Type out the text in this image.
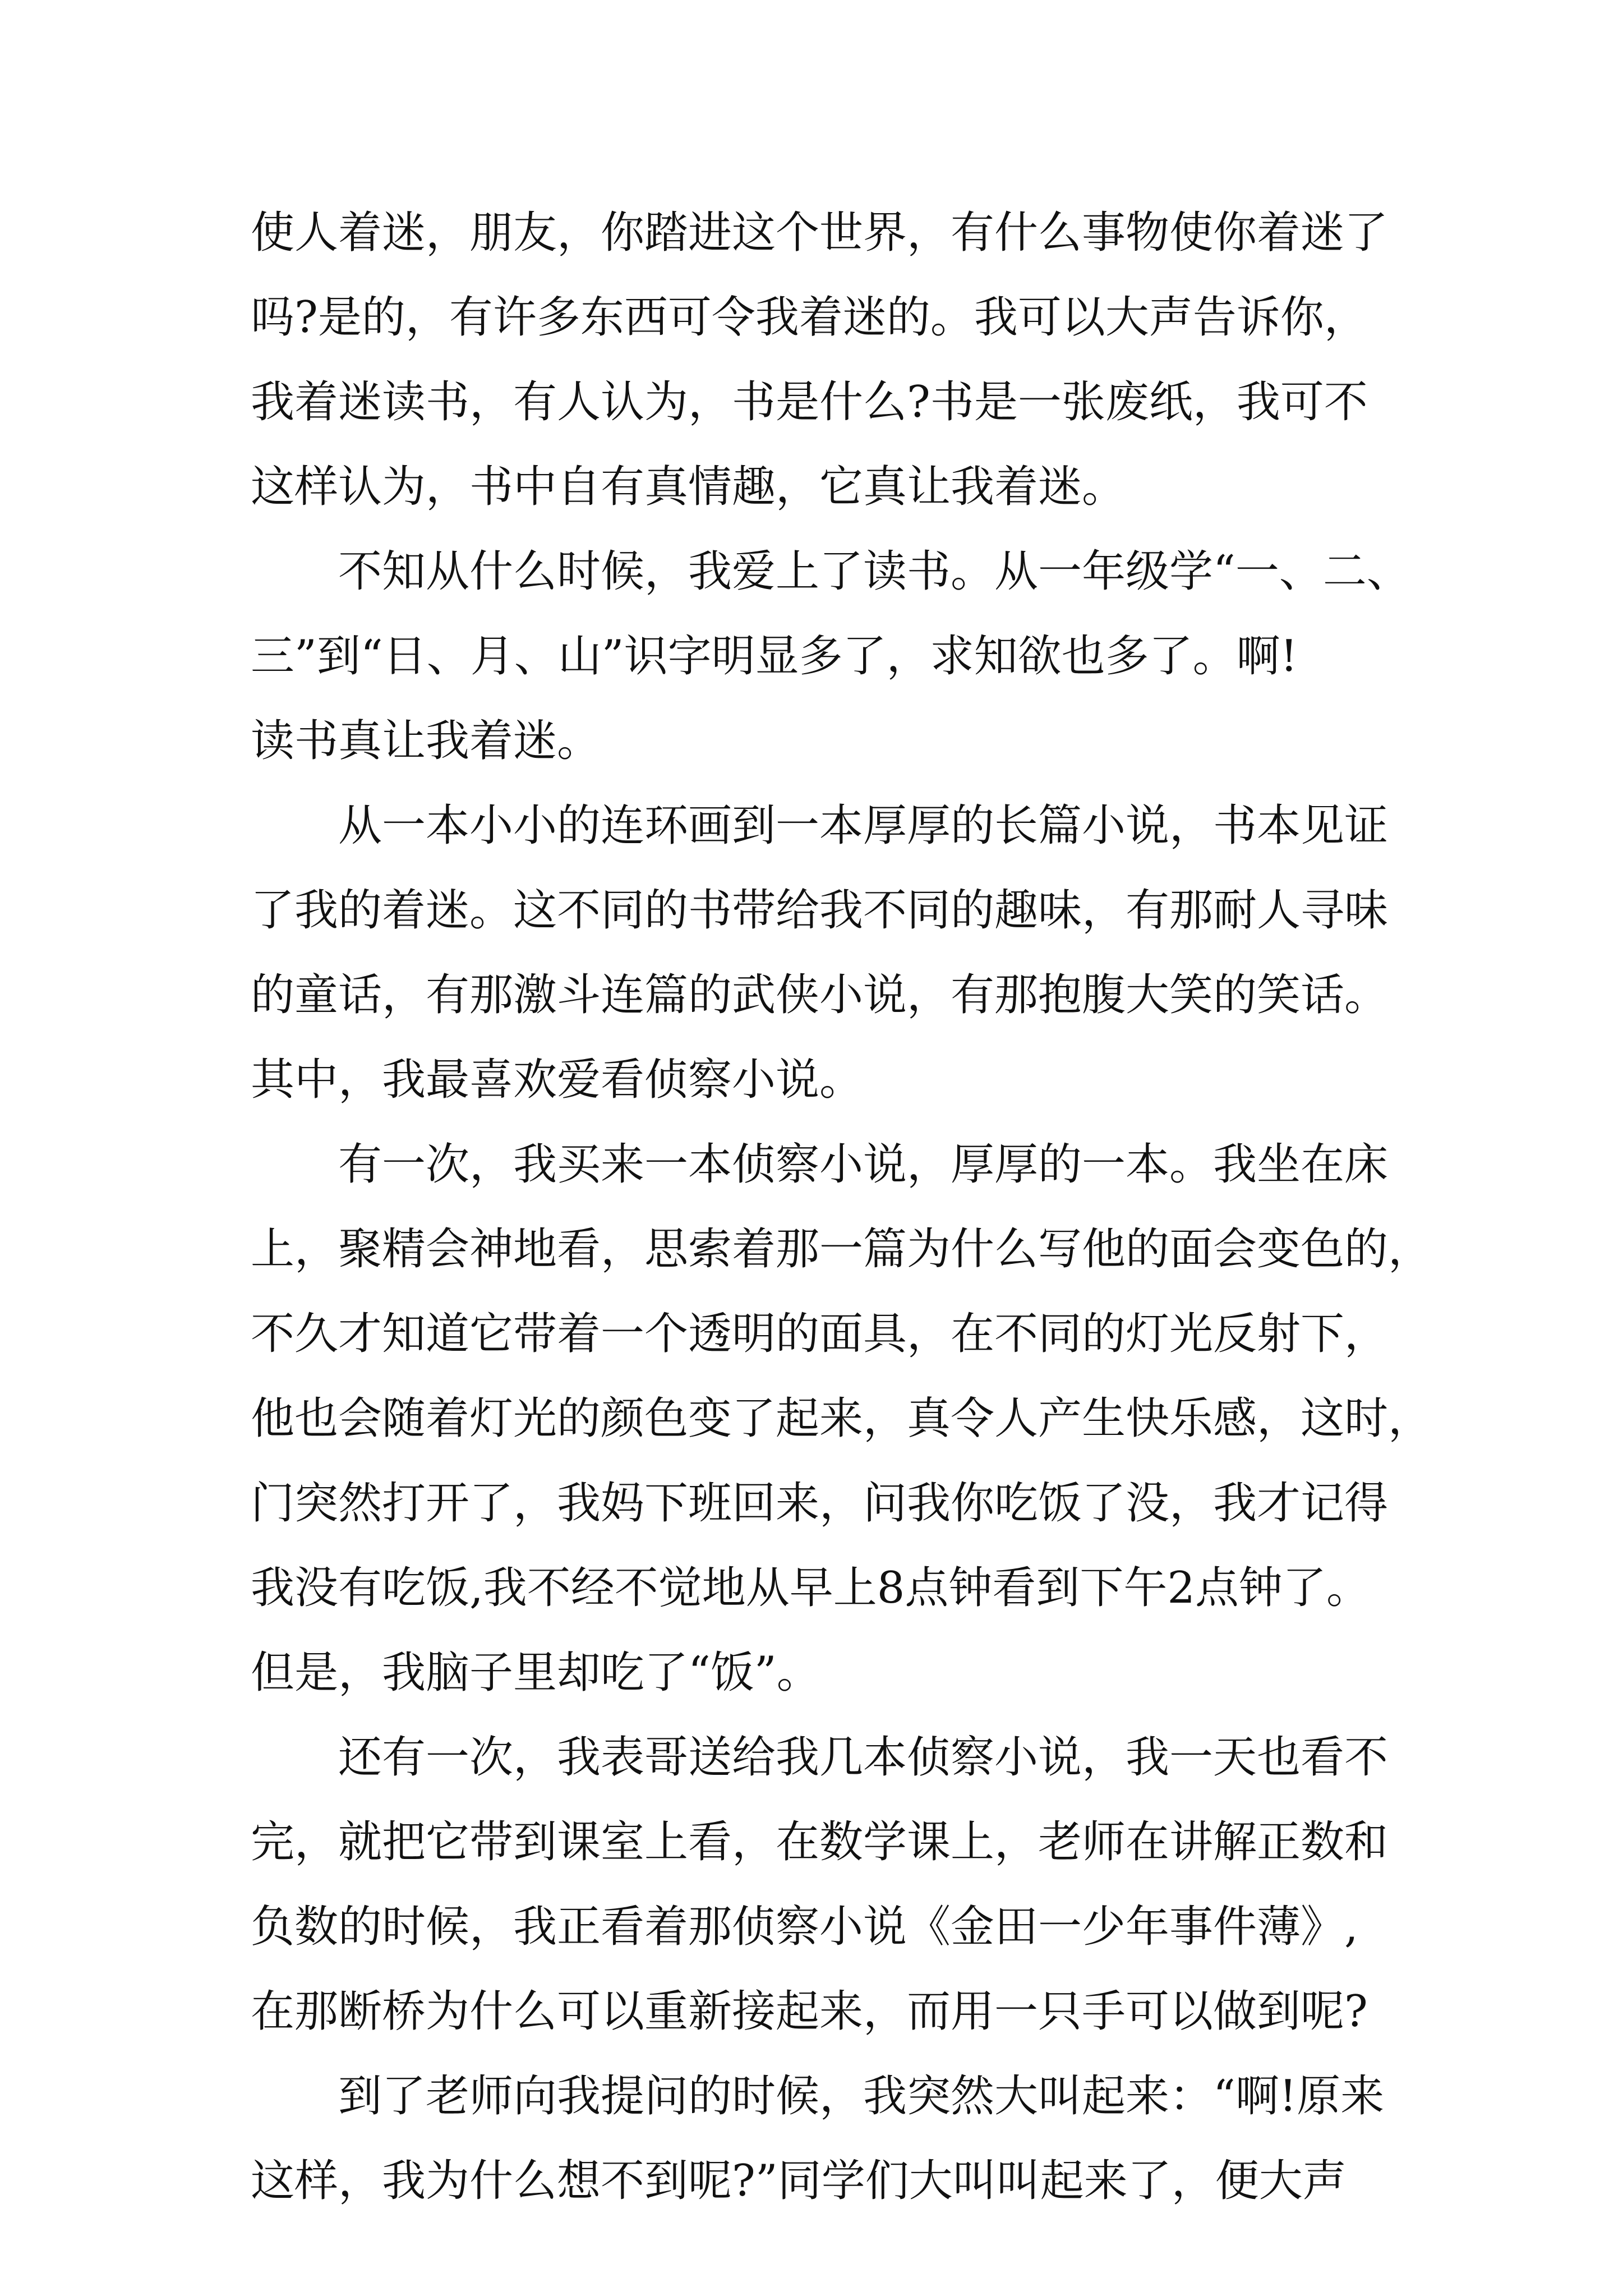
使人着迷，朋友，你踏进这个世界，有什么事物使你着迷了
吗?是的，有许多东西可令我着迷的。我可以大声告诉你，
我着迷读书，有人认为，书是什么?书是一张废纸，我可不
这样认为，书中自有真情趣，它真让我着迷。

不知从什么时候，我爱上了读书。从一年级学“一、二、
三”到“日、月、山”识字明显多了，求知欲也多了。啊!
读书真让我着迷。

从一本小小的连环画到一本厚厚的长篇小说，书本见证
了我的着迷。这不同的书带给我不同的趣味，有那耐人寻味
的童话，有那激斗连篇的武侠小说，有那抱腹大笑的笑话。
其中，我最喜欢爱看侦察小说。

有一次，我买来一本侦察小说，厚厚的一本。我坐在床
上，聚精会神地看，思索着那一篇为什么写他的面会变色的，
不久才知道它带着一个透明的面具，在不同的灯光反射下，
他也会随着灯光的颜色变了起来，真令人产生快乐感，这时，
门突然打开了，我妈下班回来，问我你吃饭了没，我才记得
我没有吃饭,我不经不觉地从早上8点钟看到下午2点钟了。
但是，我脑子里却吃了“饭”。

还有一次，我表哥送给我几本侦察小说，我一天也看不
完，就把它带到课室上看，在数学课上，老师在讲解正数和
负数的时候，我正看着那侦察小说《金田一少年事件薄》,
在那断桥为什么可以重新接起来，而用一只手可以做到呢?

到了老师向我提问的时候，我突然大叫起来：“啊!原来
这样，我为什么想不到呢?”同学们大叫叫起来了，便大声
